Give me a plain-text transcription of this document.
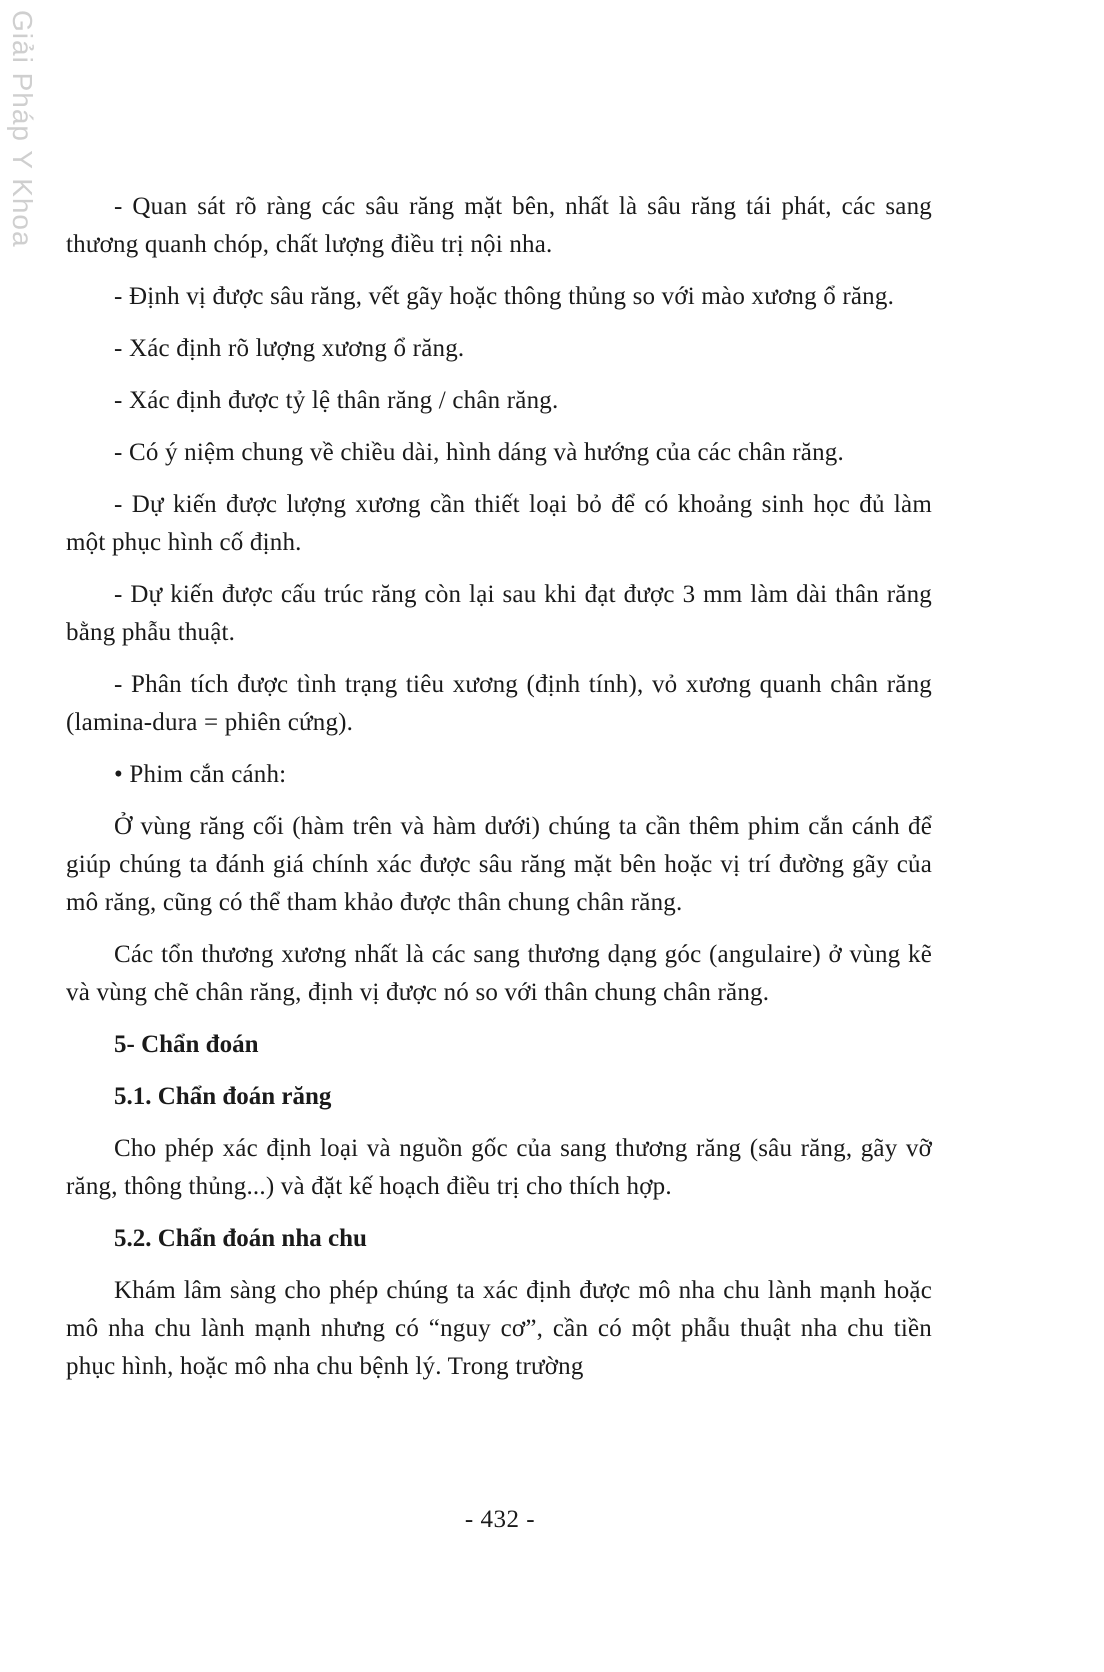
Giải Pháp Y Khoa	- Quan sát rõ ràng các sâu răng mặt bên, nhất là sâu răng tái phát, các sang thương quanh chóp, chất lượng điều trị nội nha.

- Định vị được sâu răng, vết gãy hoặc thông thủng so với mào xương ổ răng.

- Xác định rõ lượng xương ổ răng.

- Xác định được tỷ lệ thân răng / chân răng.

- Có ý niệm chung về chiều dài, hình dáng và hướng của các chân răng.

- Dự kiến được lượng xương cần thiết loại bỏ để có khoảng sinh học đủ làm một phục hình cố định.

- Dự kiến được cấu trúc răng còn lại sau khi đạt được 3 mm làm dài thân răng bằng phẫu thuật.

- Phân tích được tình trạng tiêu xương (định tính), vỏ xương quanh chân răng (lamina-dura = phiên cứng).

• Phim cắn cánh:

Ở vùng răng cối (hàm trên và hàm dưới) chúng ta cần thêm phim cắn cánh để giúp chúng ta đánh giá chính xác được sâu răng mặt bên hoặc vị trí đường gãy của mô răng, cũng có thể tham khảo được thân chung chân răng.

Các tổn thương xương nhất là các sang thương dạng góc (angulaire) ở vùng kẽ và vùng chẽ chân răng, định vị được nó so với thân chung chân răng.

5- Chẩn đoán
5.1. Chẩn đoán răng

Cho phép xác định loại và nguồn gốc của sang thương răng (sâu răng, gãy vỡ răng, thông thủng...) và đặt kế hoạch điều trị cho thích hợp.

5.2. Chẩn đoán nha chu

Khám lâm sàng cho phép chúng ta xác định được mô nha chu lành mạnh hoặc mô nha chu lành mạnh nhưng có “nguy cơ”, cần có một phẫu thuật nha chu tiền phục hình, hoặc mô nha chu bệnh lý. Trong trường

- 432 -
